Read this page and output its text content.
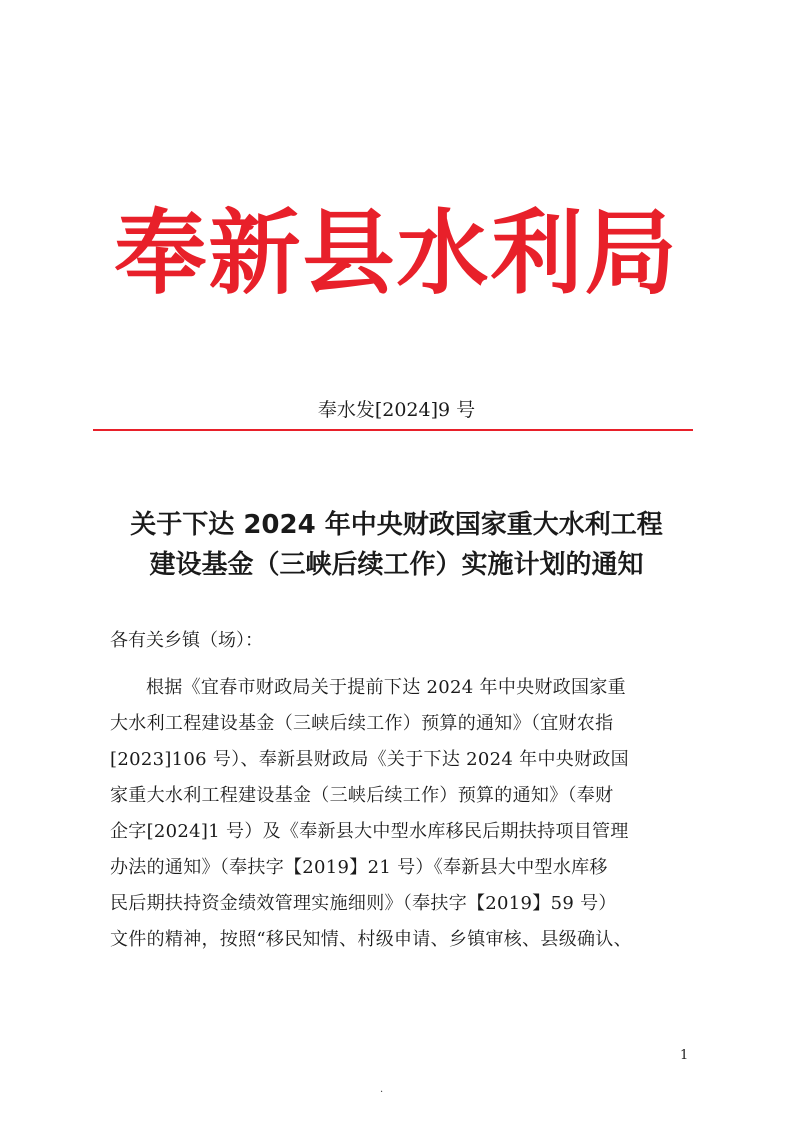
奉新县水利局
奉水发[2024]9 号
关于下达 2024 年中央财政国家重大水利工程
建设基金（三峡后续工作）实施计划的通知
各有关乡镇（场）：
根据《宜春市财政局关于提前下达 2024 年中央财政国家重
大水利工程建设基金（三峡后续工作）预算的通知》（宜财农指
[2023]106 号）、奉新县财政局《关于下达 2024 年中央财政国
家重大水利工程建设基金（三峡后续工作）预算的通知》（奉财
企字[2024]1 号）及《奉新县大中型水库移民后期扶持项目管理
办法的通知》（奉扶字【2019】21 号）《奉新县大中型水库移
民后期扶持资金绩效管理实施细则》（奉扶字【2019】59 号）
文件的精神，按照“移民知情、村级申请、乡镇审核、县级确认、
1
·
